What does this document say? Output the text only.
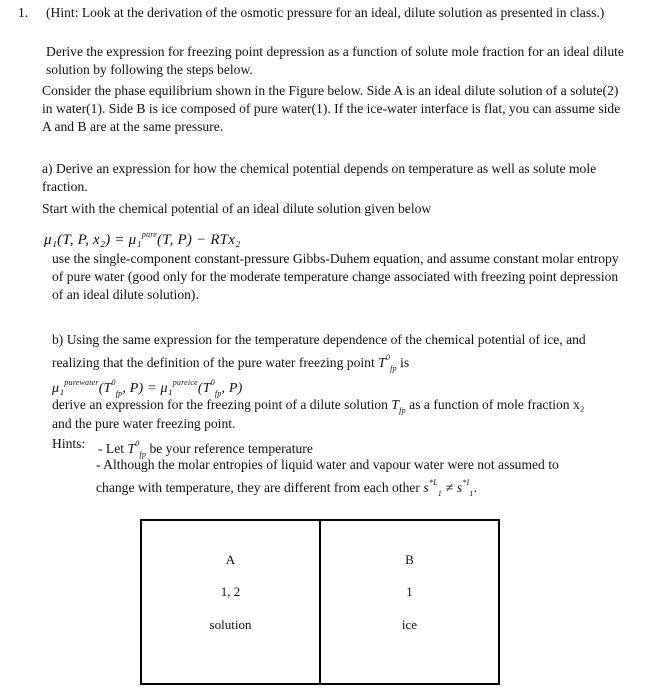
1. (Hint: Look at the derivation of the osmotic pressure for an ideal, dilute solution as presented in class.)
Derive the expression for freezing point depression as a function of solute mole fraction for an ideal dilute solution by following the steps below.
Consider the phase equilibrium shown in the Figure below. Side A is an ideal dilute solution of a solute(2) in water(1). Side B is ice composed of pure water(1). If the ice-water interface is flat, you can assume side A and B are at the same pressure.
a) Derive an expression for how the chemical potential depends on temperature as well as solute mole fraction.
Start with the chemical potential of an ideal dilute solution given below
μ₁(T, P, x₂) = μ₁$^{pure}$(T, P) − RTx₂
use the single-component constant-pressure Gibbs-Duhem equation, and assume constant molar entropy of pure water (good only for the moderate temperature change associated with freezing point depression of an ideal dilute solution).
b) Using the same expression for the temperature dependence of the chemical potential of ice, and realizing that the definition of the pure water freezing point $T^0_{fp}$ is
$\mu_1^{purewater}(T^0_{fp}$, $P) = \mu_1^{pureice}(T^0_{fp}$, P)
derive an expression for the freezing point of a dilute solution $T_{fp}$ as a function of mole fraction x₂
and the pure water freezing point.
Hints: - Let $T^0_{fp}$ be your reference temperature
- Although the molar entropies of liquid water and vapour water were not assumed to change with temperature, they are different from each other $s^{*L}_1 \ne s^{*I}_1$.
A
1, 2
solution
B
1
ice
